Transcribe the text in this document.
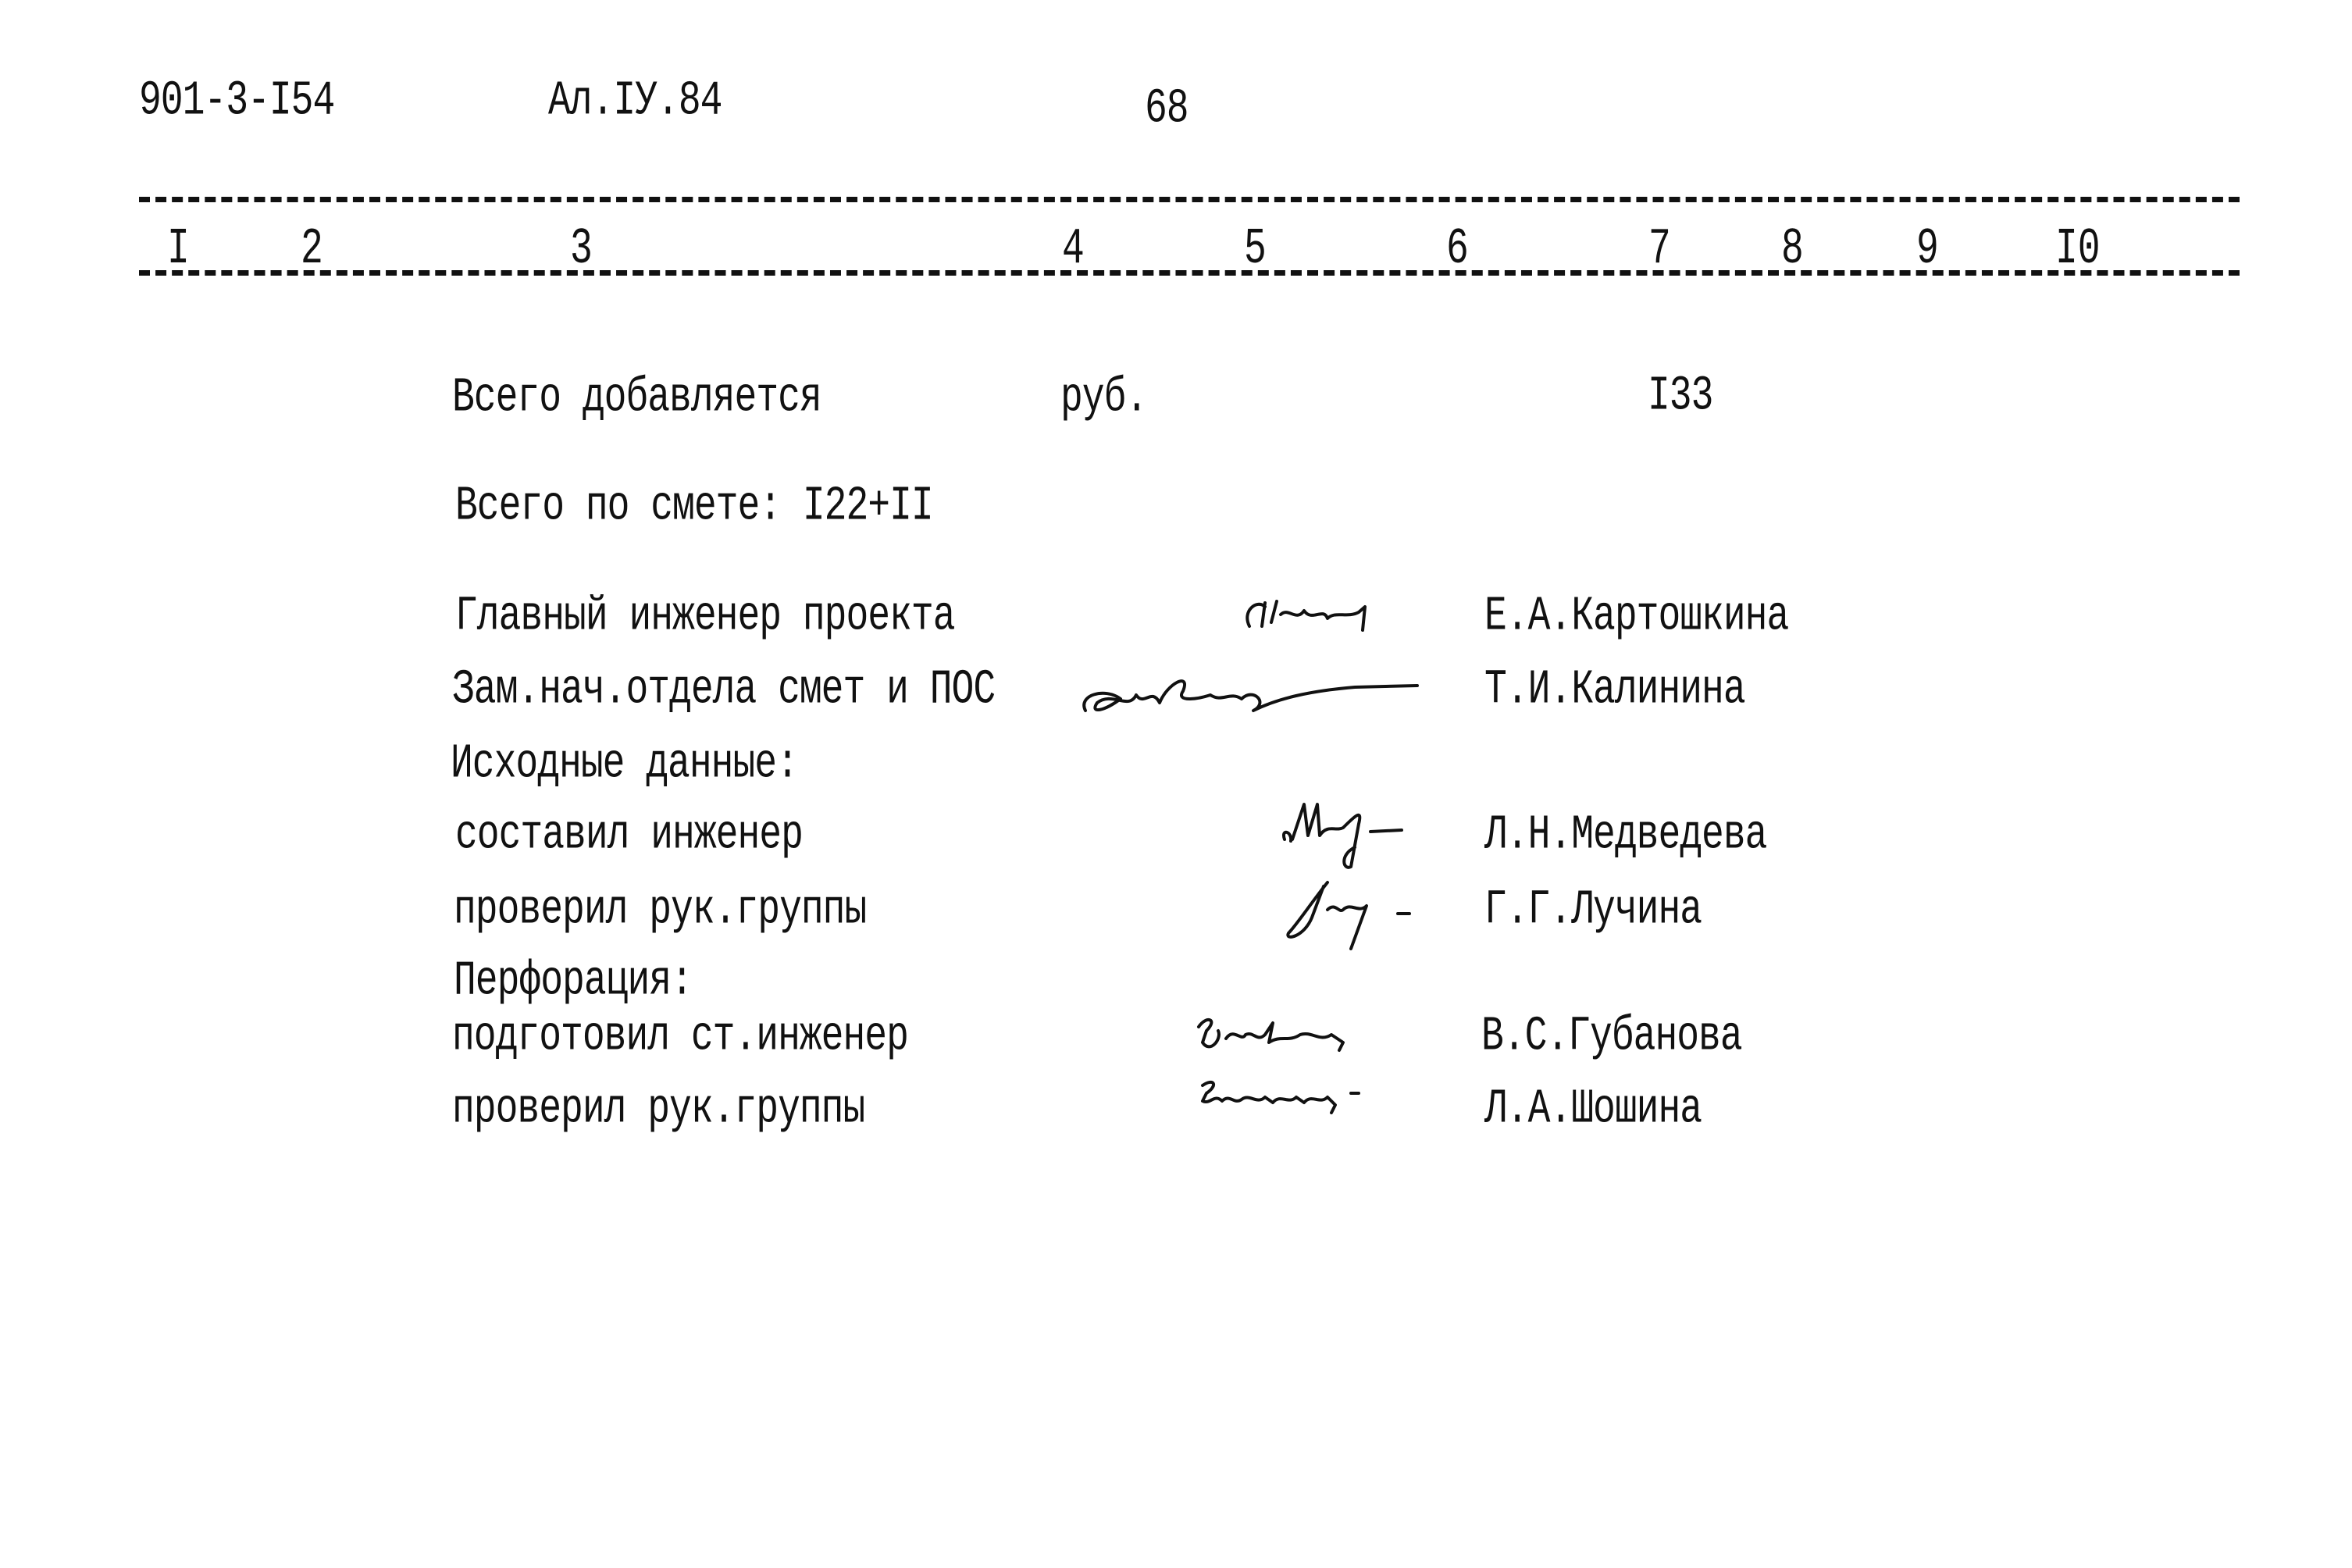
901-3-I54	Ал.IУ.84	68
I	2	3	4	5	6	7	8	9	I0
Всего добавляется	руб.	I33
Всего по смете: I22+II
Главный инженер проекта	Е.А.Картошкина
Зам.нач.отдела смет и ПОС	Т.И.Калинина
Исходные данные:
составил инженер	Л.Н.Медведева
проверил рук.группы	Г.Г.Лучина
Перфорация:
подготовил ст.инженер	В.С.Губанова
проверил рук.группы	Л.А.Шошина
